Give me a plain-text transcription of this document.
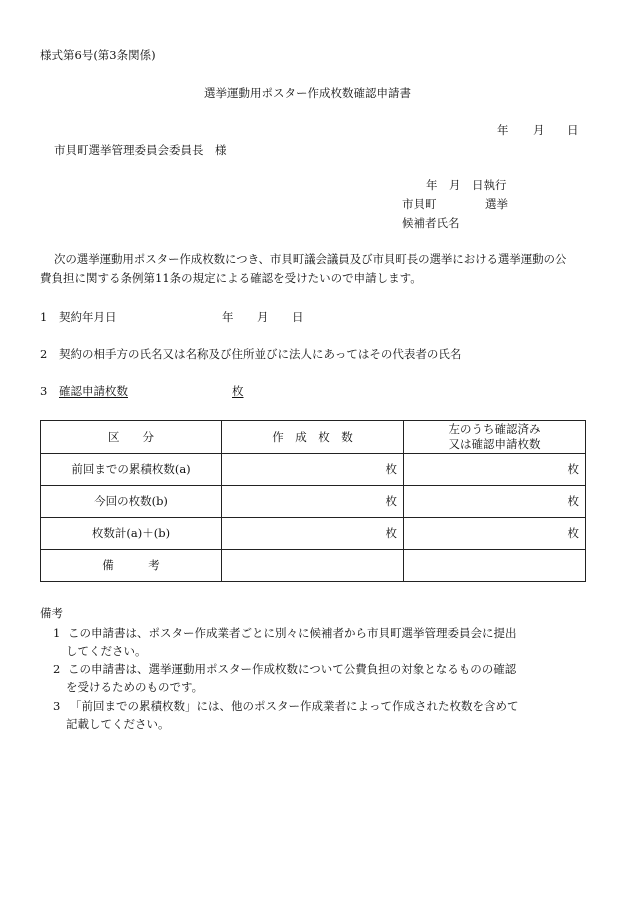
様式第6号(第3条関係)
選挙運動用ポスター作成枚数確認申請書
年 月 日
市貝町選挙管理委員会委員長　様
年　月　日執行
市貝町	選挙
候補者氏名
次の選挙運動用ポスター作成枚数につき、市貝町議会議員及び市貝町長の選挙における選挙運動の公
費負担に関する条例第11条の規定による確認を受けたいので申請します。
1 契約年月日	年 月 日
2 契約の相手方の氏名又は名称及び住所並びに法人にあってはその代表者の氏名
3 確認申請枚数	枚
区　　分	作　成　枚　数	左のうち確認済み
又は確認申請枚数

前回までの累積枚数(a)	枚	枚
今回の枚数(b)	枚	枚
枚数計(a)＋(b)	枚	枚
備　　　考		
備考
1 この申請書は、ポスター作成業者ごとに別々に候補者から市貝町選挙管理委員会に提出
してください。
2 この申請書は、選挙運動用ポスター作成枚数について公費負担の対象となるものの確認
を受けるためのものです。
3 「前回までの累積枚数」には、他のポスター作成業者によって作成された枚数を含めて
記載してください。
